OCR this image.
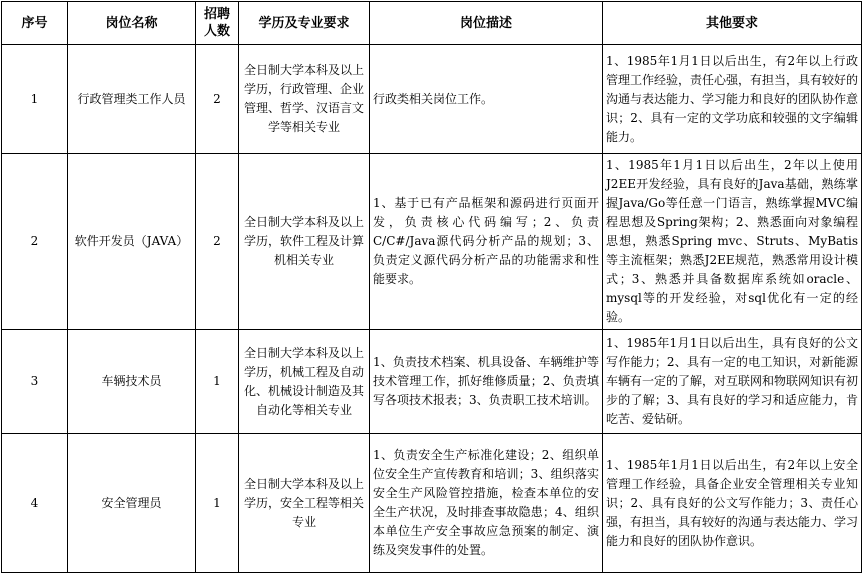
序号	岗位名称	招聘人数	学历及专业要求	岗位描述	其他要求
1	行政管理类工作人员	2	全日制大学本科及以上学历，行政管理、企业管理、哲学、汉语言文学等相关专业	行政类相关岗位工作。	1、1985年1月1日以后出生，有2年以上行政管理工作经验，责任心强，有担当，具有较好的沟通与表达能力、学习能力和良好的团队协作意识；2、具有一定的文学功底和较强的文字编辑能力。
2	软件开发员（JAVA）	2	全日制大学本科及以上学历，软件工程及计算机相关专业	1、基于已有产品框架和源码进行页面开发，负责核心代码编写；2、负责C/C#/Java源代码分析产品的规划；3、负责定义源代码分析产品的功能需求和性能要求。	1、1985年1月1日以后出生，2年以上使用J2EE开发经验，具有良好的Java基础，熟练掌握Java/Go等任意一门语言，熟练掌握MVC编程思想及Spring架构；2、熟悉面向对象编程思想，熟悉Spring mvc、Struts、MyBatis等主流框架；熟悉J2EE规范，熟悉常用设计模式；3、熟悉并具备数据库系统如oracle、mysql等的开发经验，对sql优化有一定的经验。
3	车辆技术员	1	全日制大学本科及以上学历，机械工程及自动化、机械设计制造及其自动化等相关专业	1、负责技术档案、机具设备、车辆维护等技术管理工作，抓好维修质量；2、负责填写各项技术报表；3、负责职工技术培训。	1、1985年1月1日以后出生，具有良好的公文写作能力；2、具有一定的电工知识，对新能源车辆有一定的了解，对互联网和物联网知识有初步的了解；3、具有良好的学习和适应能力，肯吃苦、爱钻研。
4	安全管理员	1	全日制大学本科及以上学历，安全工程等相关专业	1、负责安全生产标准化建设；2、组织单位安全生产宣传教育和培训；3、组织落实安全生产风险管控措施，检查本单位的安全生产状况，及时排查事故隐患；4、组织本单位生产安全事故应急预案的制定、演练及突发事件的处置。	1、1985年1月1日以后出生，有2年以上安全管理工作经验，具备企业安全管理相关专业知识；2、具有良好的公文写作能力；3、责任心强，有担当，具有较好的沟通与表达能力、学习能力和良好的团队协作意识。
